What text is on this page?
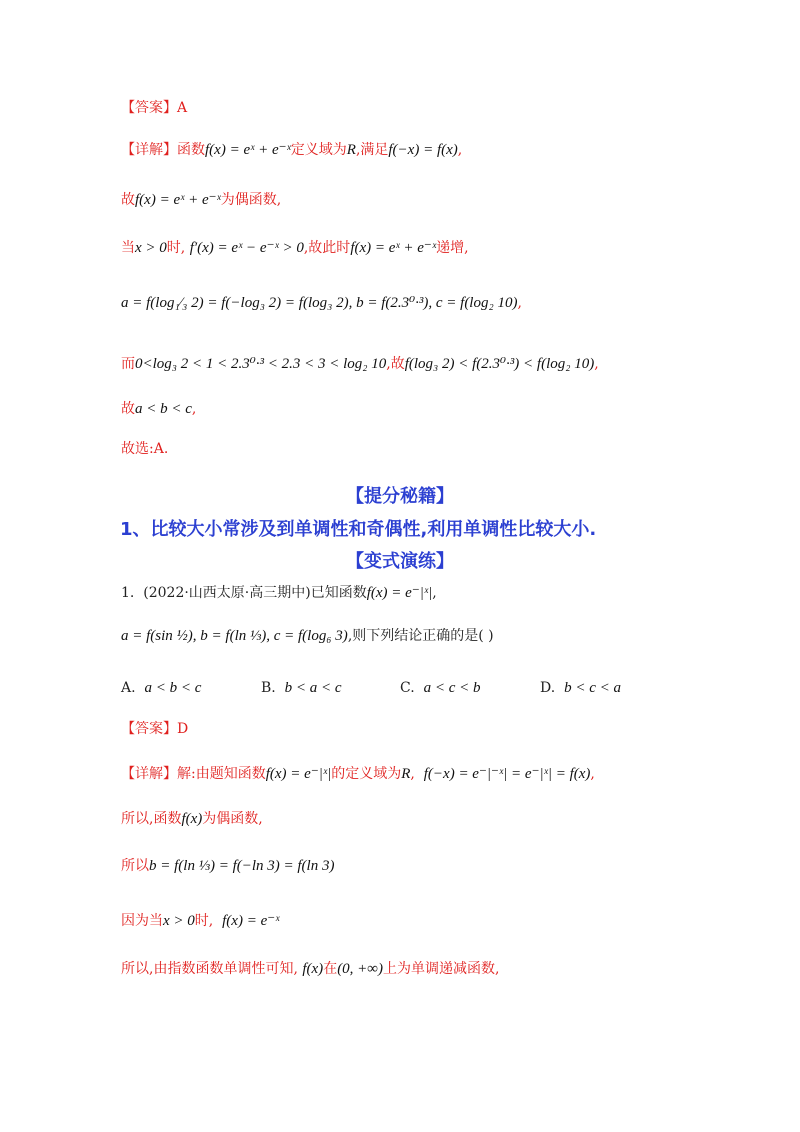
【答案】A
【详解】函数f(x) = eˣ + e⁻ˣ定义域为R,满足f(−x) = f(x),
故f(x) = eˣ + e⁻ˣ为偶函数,
当x > 0时, f′(x) = eˣ − e⁻ˣ > 0,故此时f(x) = eˣ + e⁻ˣ递增,
a = f(log₁⁄₃ 2) = f(−log₃ 2) = f(log₃ 2), b = f(2.3⁰·³), c = f(log₂ 10),
而0<log₃ 2 < 1 < 2.3⁰·³ < 2.3 < 3 < log₂ 10,故f(log₃ 2) < f(2.3⁰·³) < f(log₂ 10),
故a < b < c,
故选:A.
【提分秘籍】
1、比较大小常涉及到单调性和奇偶性,利用单调性比较大小.
【变式演练】
1. (2022·山西太原·高三期中)已知函数f(x) = e⁻|ˣ|,
a = f(sin ½), b = f(ln ⅓), c = f(log₆ 3),则下列结论正确的是( )
A. a < b < c	B. b < a < c	C. a < c < b	D. b < c < a
【答案】D
【详解】解:由题知函数f(x) = e⁻|ˣ|的定义域为R, f(−x) = e⁻|⁻ˣ| = e⁻|ˣ| = f(x),
所以,函数f(x)为偶函数,
所以b = f(ln ⅓) = f(−ln 3) = f(ln 3)
因为当x > 0时, f(x) = e⁻ˣ
所以,由指数函数单调性可知, f(x)在(0, +∞)上为单调递减函数,
